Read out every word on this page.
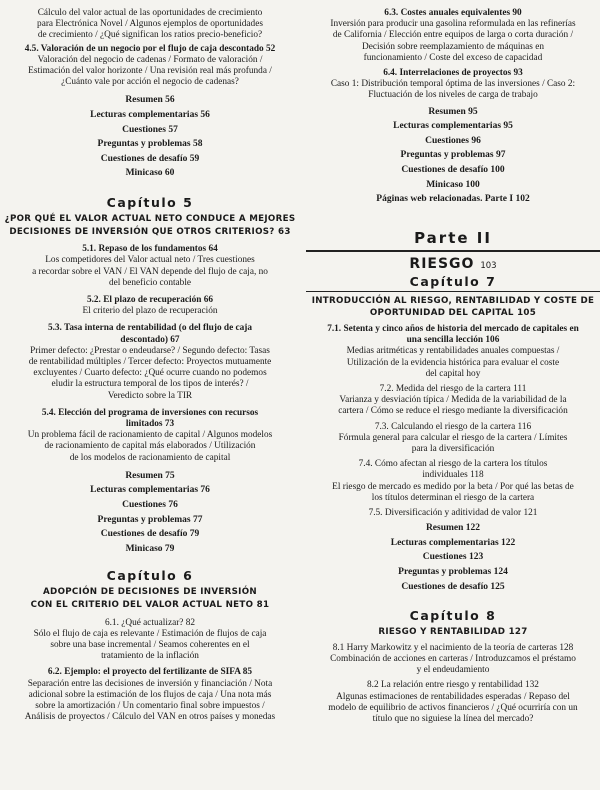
Cálculo del valor actual de las oportunidades de crecimiento
para Electrónica Novel / Algunos ejemplos de oportunidades
de crecimiento / ¿Qué significan los ratios precio-beneficio?
4.5. Valoración de un negocio por el flujo de caja descontado 52
Valoración del negocio de cadenas / Formato de valoración /
Estimación del valor horizonte / Una revisión real más profunda /
¿Cuánto vale por acción el negocio de cadenas?
Resumen 56
Lecturas complementarias 56
Cuestiones 57
Preguntas y problemas 58
Cuestiones de desafío 59
Minicaso 60
Capítulo 5
¿POR QUÉ EL VALOR ACTUAL NETO CONDUCE A MEJORES
DECISIONES DE INVERSIÓN QUE OTROS CRITERIOS? 63
5.1. Repaso de los fundamentos 64
Los competidores del Valor actual neto / Tres cuestiones
a recordar sobre el VAN / El VAN depende del flujo de caja, no
del beneficio contable
5.2. El plazo de recuperación 66
El criterio del plazo de recuperación
5.3. Tasa interna de rentabilidad (o del flujo de caja
descontado) 67
Primer defecto: ¿Prestar o endeudarse? / Segundo defecto: Tasas
de rentabilidad múltiples / Tercer defecto: Proyectos mutuamente
excluyentes / Cuarto defecto: ¿Qué ocurre cuando no podemos
eludir la estructura temporal de los tipos de interés? /
Veredicto sobre la TIR
5.4. Elección del programa de inversiones con recursos
limitados 73
Un problema fácil de racionamiento de capital / Algunos modelos
de racionamiento de capital más elaborados / Utilización
de los modelos de racionamiento de capital
Resumen 75
Lecturas complementarias 76
Cuestiones 76
Preguntas y problemas 77
Cuestiones de desafío 79
Minicaso 79
Capítulo 6
ADOPCIÓN DE DECISIONES DE INVERSIÓN
CON EL CRITERIO DEL VALOR ACTUAL NETO 81
6.1. ¿Qué actualizar? 82
Sólo el flujo de caja es relevante / Estimación de flujos de caja
sobre una base incremental / Seamos coherentes en el
tratamiento de la inflación
6.2. Ejemplo: el proyecto del fertilizante de SIFA 85
Separación entre las decisiones de inversión y financiación / Nota
adicional sobre la estimación de los flujos de caja / Una nota más
sobre la amortización / Un comentario final sobre impuestos /
Análisis de proyectos / Cálculo del VAN en otros países y monedas
6.3. Costes anuales equivalentes 90
Inversión para producir una gasolina reformulada en las refinerías
de California / Elección entre equipos de larga o corta duración /
Decisión sobre reemplazamiento de máquinas en
funcionamiento / Coste del exceso de capacidad
6.4. Interrelaciones de proyectos 93
Caso 1: Distribución temporal óptima de las inversiones / Caso 2:
Fluctuación de los niveles de carga de trabajo
Resumen 95
Lecturas complementarias 95
Cuestiones 96
Preguntas y problemas 97
Cuestiones de desafío 100
Minicaso 100
Páginas web relacionadas. Parte I 102
Parte II
RIESGO 103
Capítulo 7
INTRODUCCIÓN AL RIESGO, RENTABILIDAD Y COSTE DE
OPORTUNIDAD DEL CAPITAL 105
7.1. Setenta y cinco años de historia del mercado de capitales en
una sencilla lección 106
Medias aritméticas y rentabilidades anuales compuestas /
Utilización de la evidencia histórica para evaluar el coste
del capital hoy
7.2. Medida del riesgo de la cartera 111
Varianza y desviación típica / Medida de la variabilidad de la
cartera / Cómo se reduce el riesgo mediante la diversificación
7.3. Calculando el riesgo de la cartera 116
Fórmula general para calcular el riesgo de la cartera / Límites
para la diversificación
7.4. Cómo afectan al riesgo de la cartera los títulos
individuales 118
El riesgo de mercado es medido por la beta / Por qué las betas de
los títulos determinan el riesgo de la cartera
7.5. Diversificación y aditividad de valor 121
Resumen 122
Lecturas complementarias 122
Cuestiones 123
Preguntas y problemas 124
Cuestiones de desafío 125
Capítulo 8
RIESGO Y RENTABILIDAD 127
8.1 Harry Markowitz y el nacimiento de la teoría de carteras 128
Combinación de acciones en carteras / Introduzcamos el préstamo
y el endeudamiento
8.2 La relación entre riesgo y rentabilidad 132
Algunas estimaciones de rentabilidades esperadas / Repaso del
modelo de equilibrio de activos financieros / ¿Qué ocurriría con un
título que no siguiese la línea del mercado?
